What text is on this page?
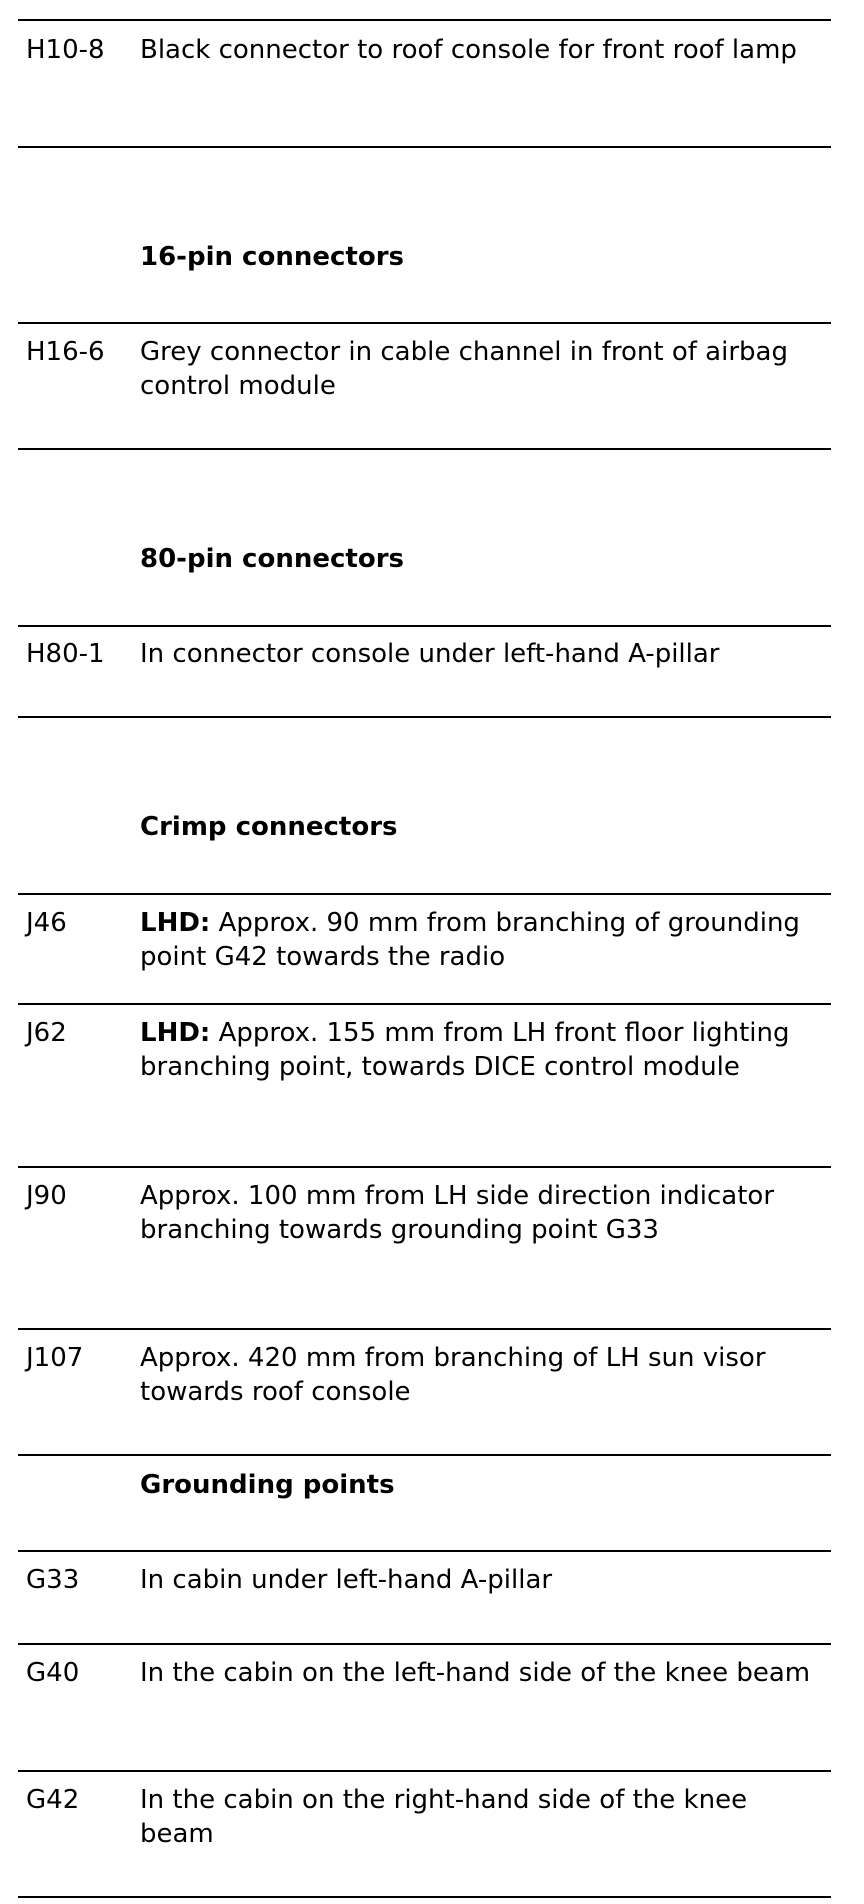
H10-8 Black connector to roof console for front roof lamp
16-pin connectors
H16-6 Grey connector in cable channel in front of airbag control module
80-pin connectors
H80-1 In connector console under left-hand A-pillar
Crimp connectors
J46	LHD: Approx. 90 mm from branching of grounding point G42 towards the radio
J62	LHD: Approx. 155 mm from LH front floor lighting branching point, towards DICE control module
J90	Approx. 100 mm from LH side direction indicator branching towards grounding point G33
J107 Approx. 420 mm from branching of LH sun visor towards roof console
Grounding points
G33 In cabin under left-hand A-pillar
G40 In the cabin on the left-hand side of the knee beam
G42 In the cabin on the right-hand side of the knee beam
